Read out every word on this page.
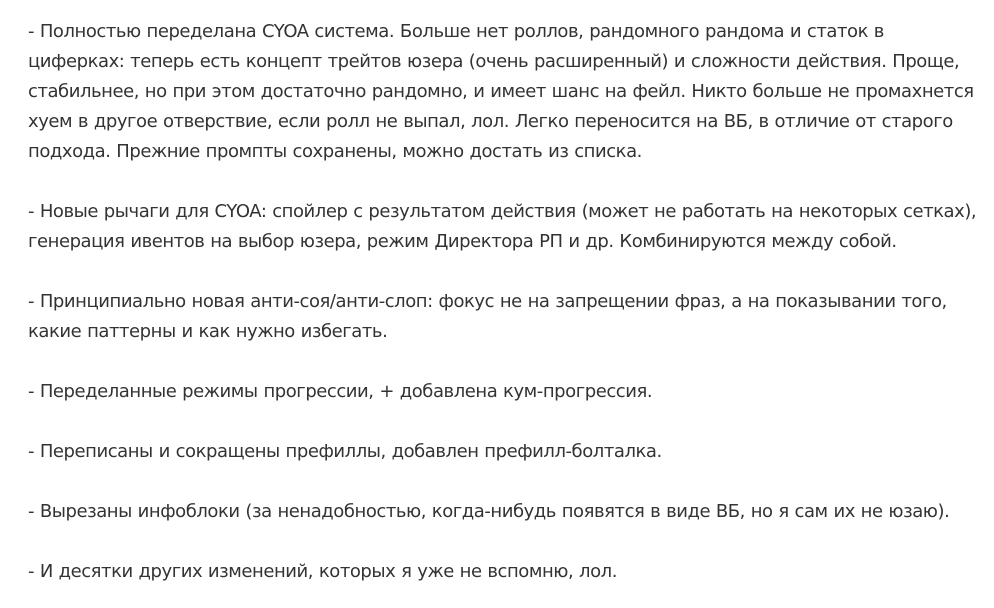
- Полностью переделана CYOA система. Больше нет роллов, рандомного рандома и статок в циферках: теперь есть концепт трейтов юзера (очень расширенный) и сложности действия. Проще, стабильнее, но при этом достаточно рандомно, и имеет шанс на фейл. Никто больше не промахнется хуем в другое отверствие, если ролл не выпал, лол. Легко переносится на ВБ, в отличие от старого подхода. Прежние промпты сохранены, можно достать из списка.

- Новые рычаги для CYOA: спойлер с результатом действия (может не работать на некоторых сетках), генерация ивентов на выбор юзера, режим Директора РП и др. Комбинируются между собой.

- Принципиально новая анти-соя/анти-слоп: фокус не на запрещении фраз, а на показывании того, какие паттерны и как нужно избегать.

- Переделанные режимы прогрессии, + добавлена кум-прогрессия.

- Переписаны и сокращены префиллы, добавлен префилл-болталка.

- Вырезаны инфоблоки (за ненадобностью, когда-нибудь появятся в виде ВБ, но я сам их не юзаю).

- И десятки других изменений, которых я уже не вспомню, лол.
